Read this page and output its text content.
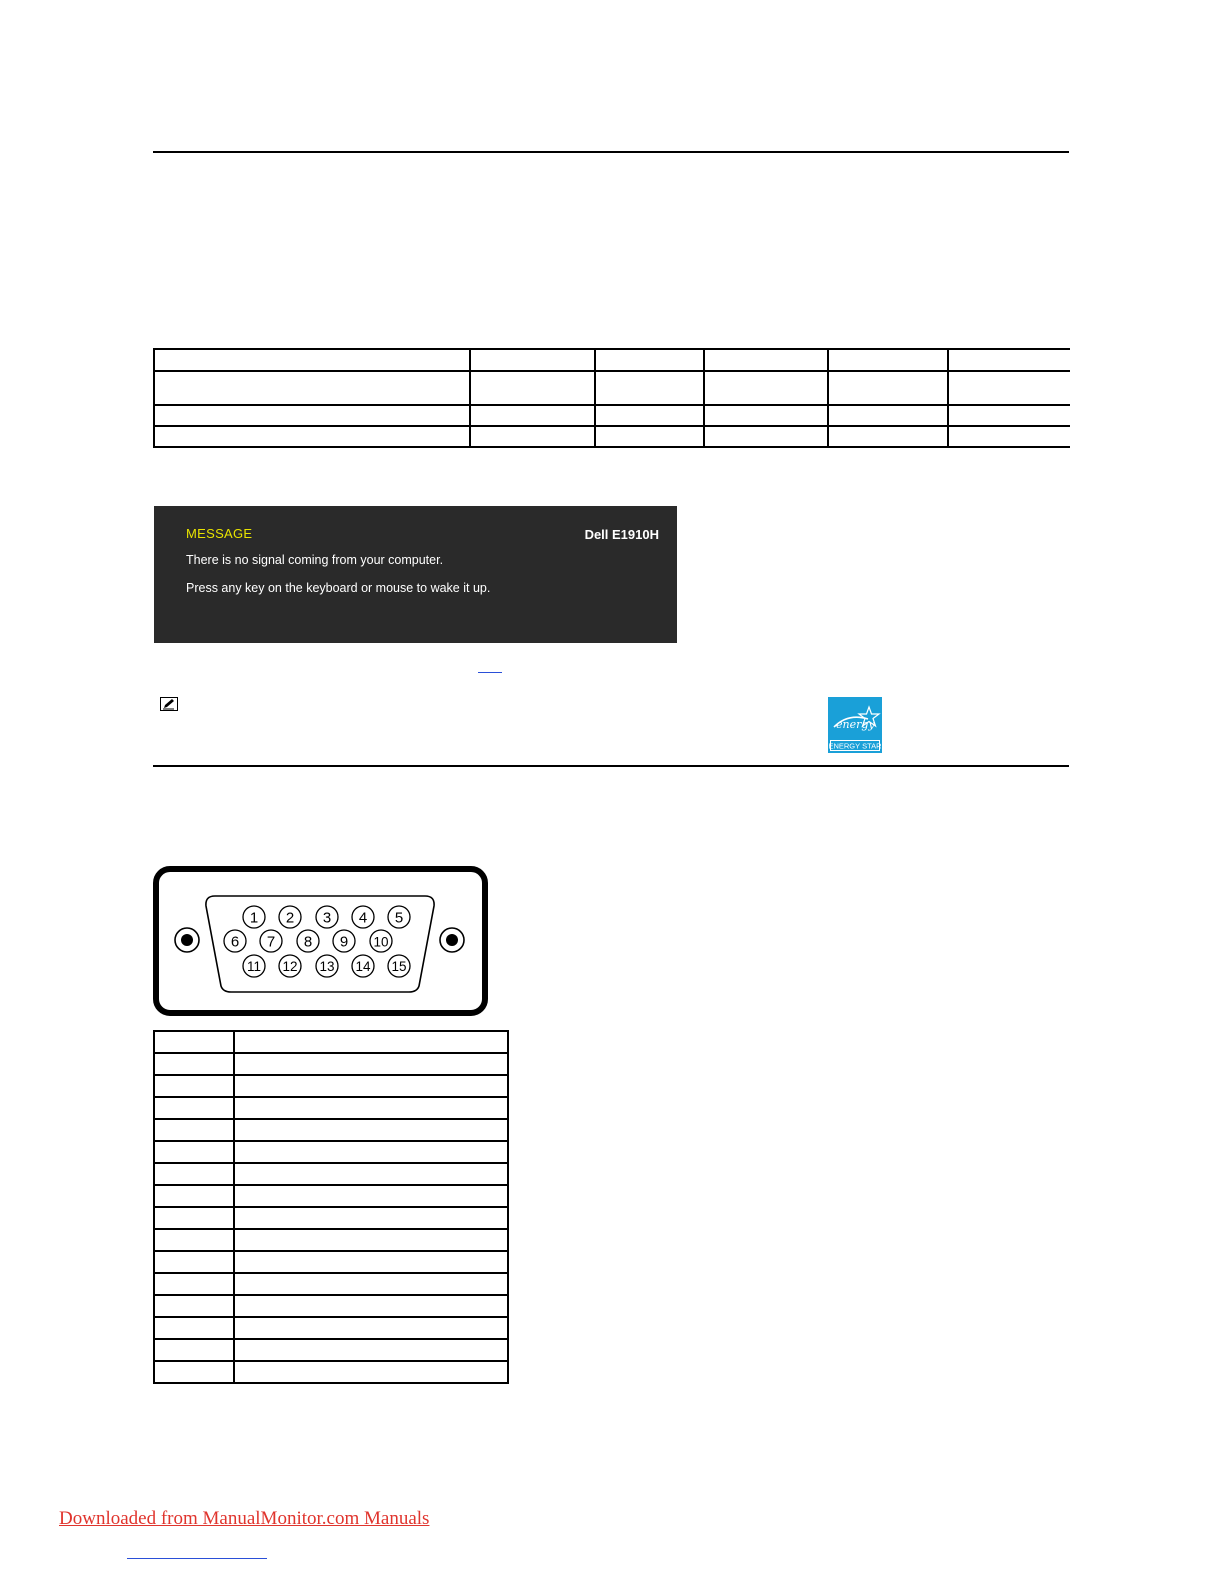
MESSAGE	Dell E1910H
There is no signal coming from your computer.
Press any key on the keyboard or mouse to wake it up.
energy
ENERGY STAR
1 2 3 4 5
6 7 8 9 10
11 12 13 14 15

Downloaded from ManualMonitor.com Manuals
